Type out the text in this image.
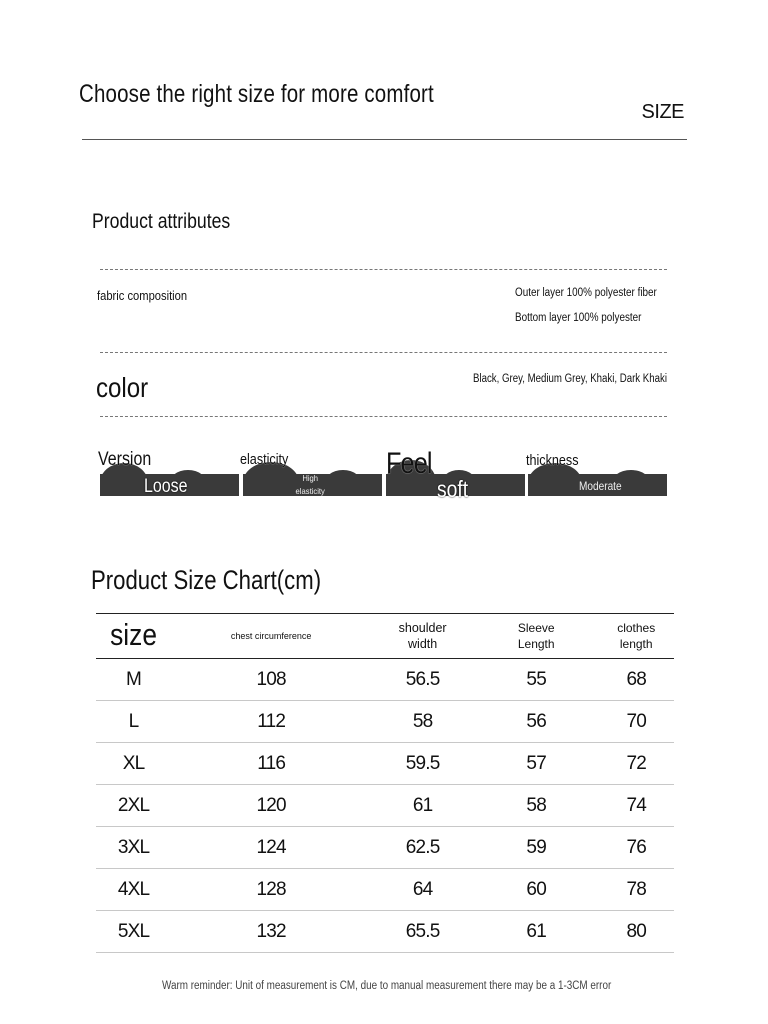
Choose the right size for more comfort
SIZE
Product attributes
fabric composition	Outer layer 100% polyester fiber
Bottom layer 100% polyester
color	Black, Grey, Medium Grey, Khaki, Dark Khaki
Version
Loose
elasticity
High elasticity
Feel
soft
thickness
Moderate
Product Size Chart(cm)
size	chest circumference	shoulder width	Sleeve Length	clothes length
M	108	56.5	55	68
L	112	58	56	70
XL	116	59.5	57	72
2XL	120	61	58	74
3XL	124	62.5	59	76
4XL	128	64	60	78
5XL	132	65.5	61	80
Warm reminder: Unit of measurement is CM, due to manual measurement there may be a 1-3CM error
